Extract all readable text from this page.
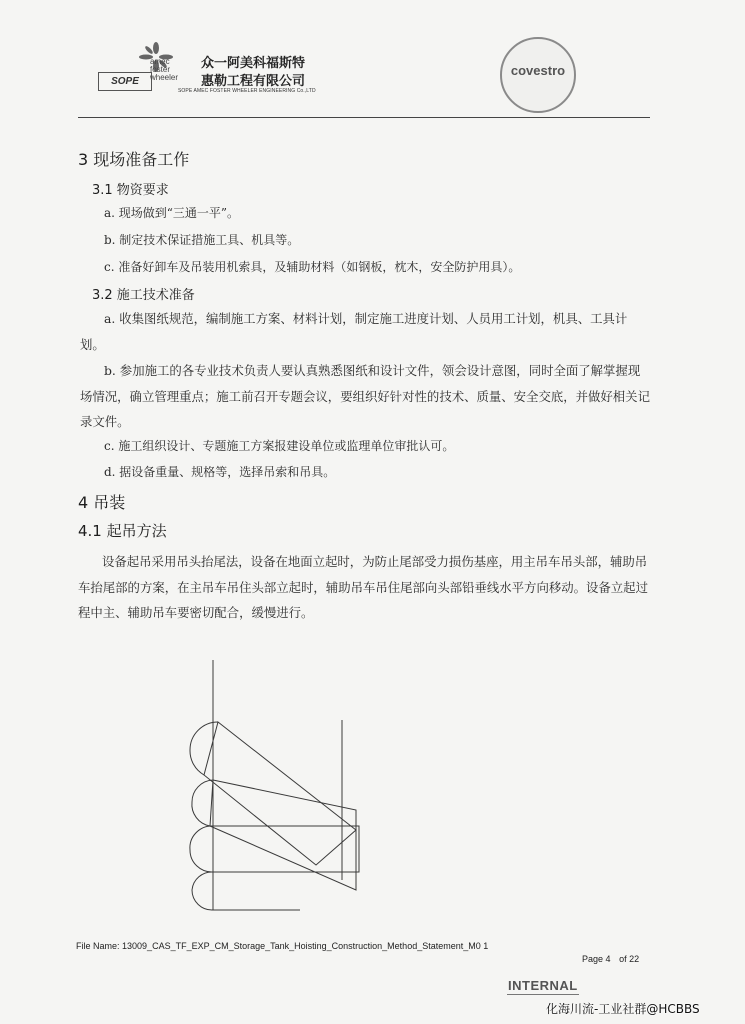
SOPE
amec
foster
wheeler
众一阿美科福斯特
惠勒工程有限公司
SOPE AMEC FOSTER WHEELER ENGINEERING Co.,LTD
covestro
3 现场准备工作
3.1 物资要求
a. 现场做到“三通一平”。
b. 制定技术保证措施工具、机具等。
c. 准备好卸车及吊装用机索具，及辅助材料（如钢板，枕木，安全防护用具）。
3.2 施工技术准备
a. 收集图纸规范，编制施工方案、材料计划，制定施工进度计划、人员用工计划，机具、工具计划。
b. 参加施工的各专业技术负责人要认真熟悉图纸和设计文件，领会设计意图，同时全面了解掌握现场情况，确立管理重点；施工前召开专题会议，要组织好针对性的技术、质量、安全交底，并做好相关记录文件。
c. 施工组织设计、专题施工方案报建设单位或监理单位审批认可。
d. 据设备重量、规格等，选择吊索和吊具。
4 吊装
4.1 起吊方法
设备起吊采用吊头抬尾法，设备在地面立起时，为防止尾部受力损伤基座，用主吊车吊头部，辅助吊车抬尾部的方案，在主吊车吊住头部立起时，辅助吊车吊住尾部向头部铅垂线水平方向移动。设备立起过程中主、辅助吊车要密切配合，缓慢进行。
File Name: 13009_CAS_TF_EXP_CM_Storage_Tank_Hoisting_Construction_Method_Statement_M0 1
Page 4 of 22
INTERNAL
化海川流-工业社群@HCBBS
